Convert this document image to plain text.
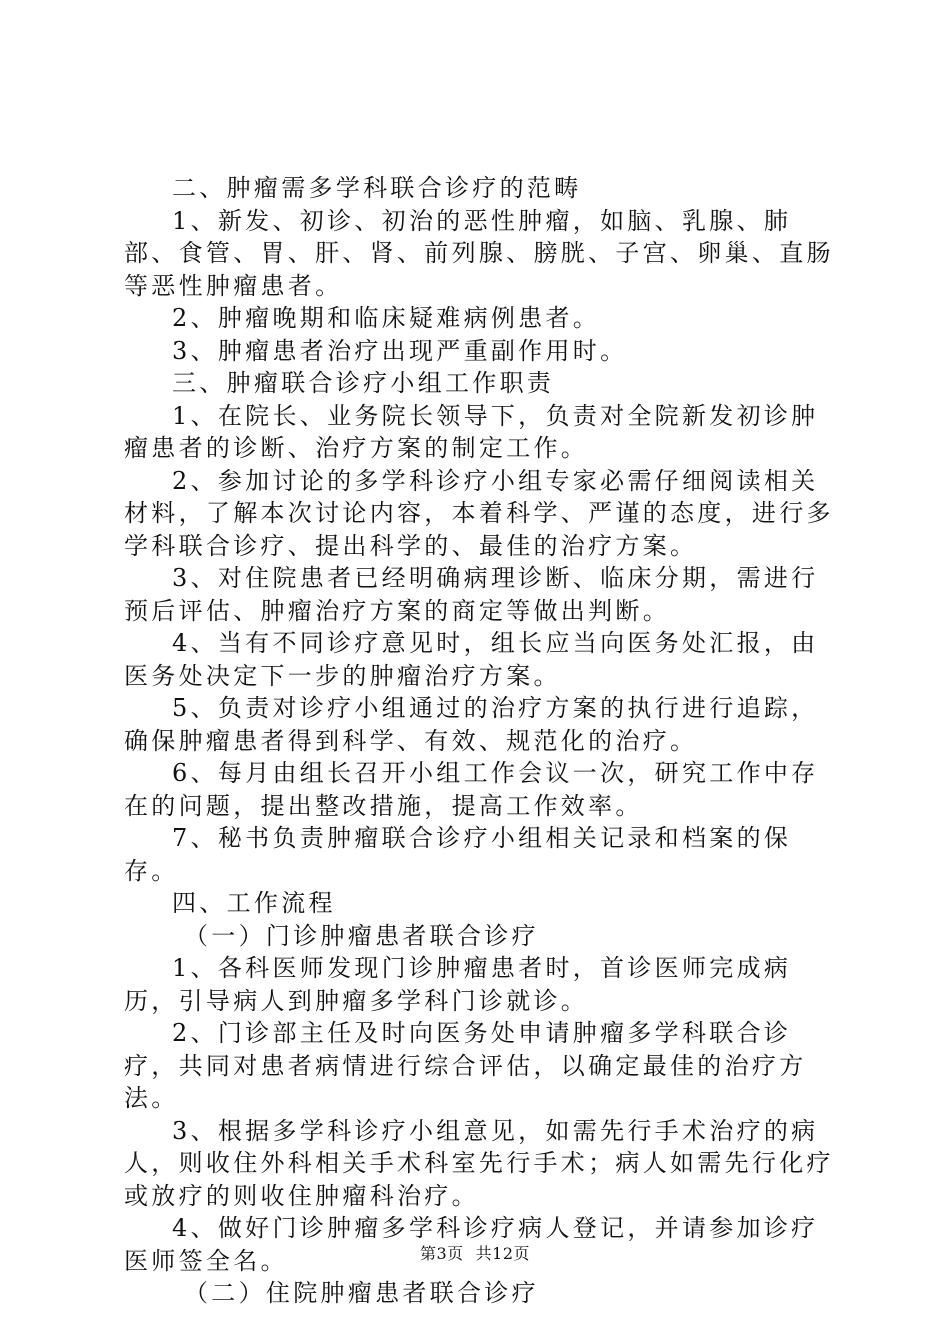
二、肿瘤需多学科联合诊疗的范畴

1、新发、初诊、初治的恶性肿瘤，如脑、乳腺、肺部、食管、胃、肝、肾、前列腺、膀胱、子宫、卵巢、直肠等恶性肿瘤患者。

2、肿瘤晚期和临床疑难病例患者。

3、肿瘤患者治疗出现严重副作用时。

三、肿瘤联合诊疗小组工作职责

1、在院长、业务院长领导下，负责对全院新发初诊肿瘤患者的诊断、治疗方案的制定工作。

2、参加讨论的多学科诊疗小组专家必需仔细阅读相关材料，了解本次讨论内容，本着科学、严谨的态度，进行多学科联合诊疗、提出科学的、最佳的治疗方案。

3、对住院患者已经明确病理诊断、临床分期，需进行预后评估、肿瘤治疗方案的商定等做出判断。

4、当有不同诊疗意见时，组长应当向医务处汇报，由医务处决定下一步的肿瘤治疗方案。

5、负责对诊疗小组通过的治疗方案的执行进行追踪，确保肿瘤患者得到科学、有效、规范化的治疗。

6、每月由组长召开小组工作会议一次，研究工作中存在的问题，提出整改措施，提高工作效率。

7、秘书负责肿瘤联合诊疗小组相关记录和档案的保存。

四、工作流程

（一）门诊肿瘤患者联合诊疗

1、各科医师发现门诊肿瘤患者时，首诊医师完成病历，引导病人到肿瘤多学科门诊就诊。

2、门诊部主任及时向医务处申请肿瘤多学科联合诊疗，共同对患者病情进行综合评估，以确定最佳的治疗方法。

3、根据多学科诊疗小组意见，如需先行手术治疗的病人，则收住外科相关手术科室先行手术；病人如需先行化疗或放疗的则收住肿瘤科治疗。

4、做好门诊肿瘤多学科诊疗病人登记，并请参加诊疗医师签全名。

（二）住院肿瘤患者联合诊疗

第3页 共12页
